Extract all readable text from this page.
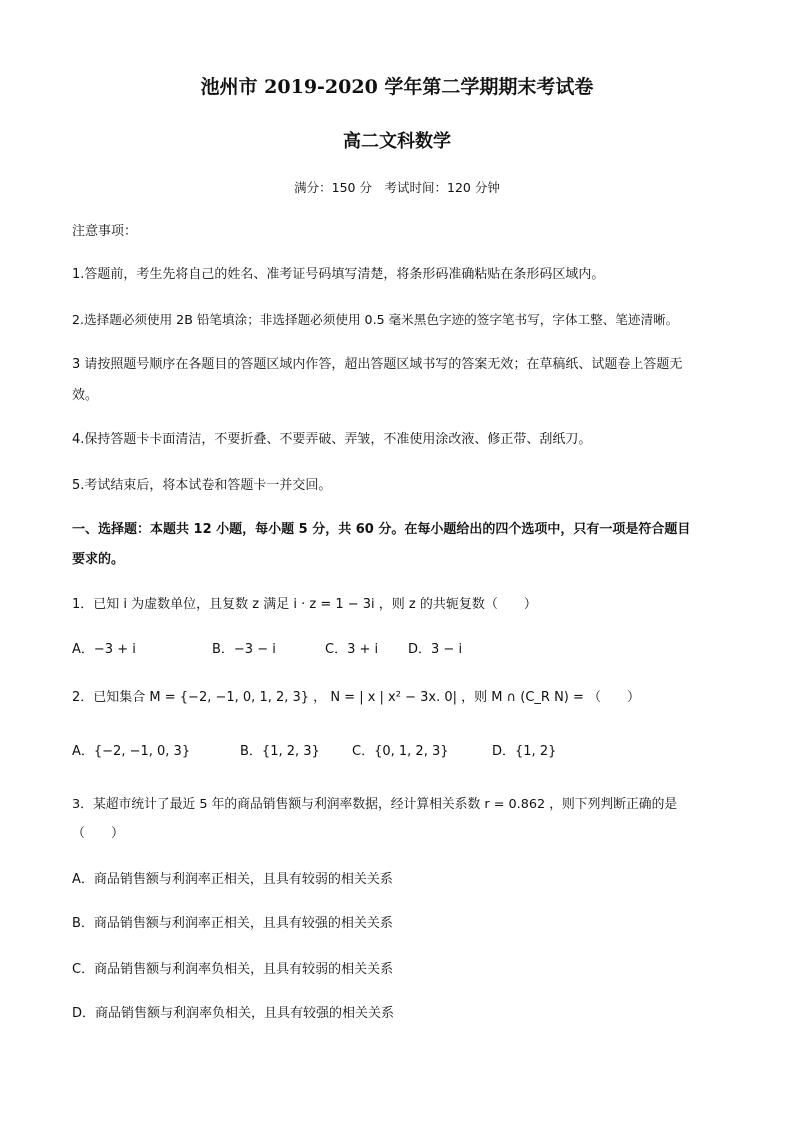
池州市 2019-2020 学年第二学期期末考试卷
高二文科数学
满分：150 分　考试时间：120 分钟
注意事项：
1.答题前，考生先将自己的姓名、准考证号码填写清楚，将条形码准确粘贴在条形码区域内。
2.选择题必须使用 2B 铅笔填涂；非选择题必须使用 0.5 毫米黑色字迹的签字笔书写，字体工整、笔迹清晰。
3 请按照题号顺序在各题目的答题区域内作答，超出答题区域书写的答案无效；在草稿纸、试题卷上答题无
效。
4.保持答题卡卡面清洁，不要折叠、不要弄破、弄皱，不准使用涂改液、修正带、刮纸刀。
5.考试结束后，将本试卷和答题卡一并交回。
一、选择题：本题共 12 小题，每小题 5 分，共 60 分。在每小题给出的四个选项中，只有一项是符合题目
要求的。
1．已知 i 为虚数单位，且复数 z 满足 i · z = 1 − 3i ，则 z 的共轭复数（　　）
A．−3 + i	B．−3 − i	C．3 + i D．3 − i
2．已知集合 M = {−2, −1, 0, 1, 2, 3} ， N = | x | x² − 3x. 0| ，则 M ∩ (C_R N) = （　　）
A．{−2, −1, 0, 3}	B．{1, 2, 3} C．{0, 1, 2, 3}	D．{1, 2}
3．某超市统计了最近 5 年的商品销售额与利润率数据，经计算相关系数 r = 0.862 ，则下列判断正确的是
（　　）
A．商品销售额与利润率正相关，且具有较弱的相关关系
B．商品销售额与利润率正相关，且具有较强的相关关系
C．商品销售额与利润率负相关，且具有较弱的相关关系
D．商品销售额与利润率负相关，且具有较强的相关关系
